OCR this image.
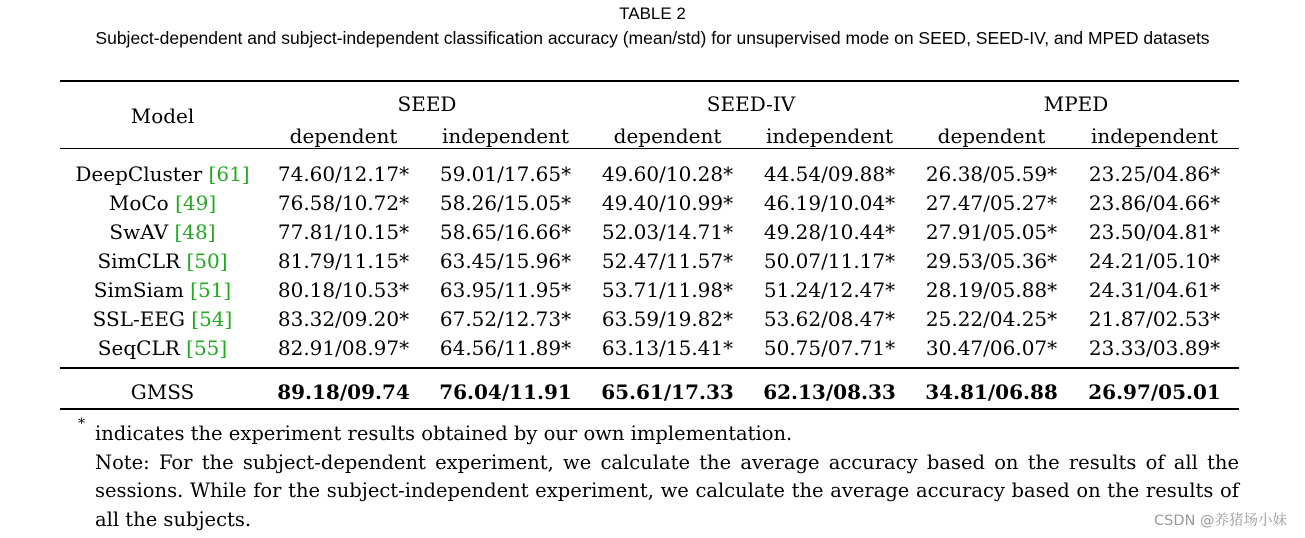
TABLE 2
Subject-dependent and subject-independent classification accuracy (mean/std) for unsupervised mode on SEED, SEED-IV, and MPED datasets
Model	SEED		SEED-IV		MPED	
	dependent	independent	dependent	independent	dependent	independent
DeepCluster [61]	74.60/12.17*	59.01/17.65*	49.60/10.28*	44.54/09.88*	26.38/05.59*	23.25/04.86*
MoCo [49]	76.58/10.72*	58.26/15.05*	49.40/10.99*	46.19/10.04*	27.47/05.27*	23.86/04.66*
SwAV [48]	77.81/10.15*	58.65/16.66*	52.03/14.71*	49.28/10.44*	27.91/05.05*	23.50/04.81*
SimCLR [50]	81.79/11.15*	63.45/15.96*	52.47/11.57*	50.07/11.17*	29.53/05.36*	24.21/05.10*
SimSiam [51]	80.18/10.53*	63.95/11.95*	53.71/11.98*	51.24/12.47*	28.19/05.88*	24.31/04.61*
SSL-EEG [54]	83.32/09.20*	67.52/12.73*	63.59/19.82*	53.62/08.47*	25.22/04.25*	21.87/02.53*
SeqCLR [55]	82.91/08.97*	64.56/11.89*	63.13/15.41*	50.75/07.71*	30.47/06.07*	23.33/03.89*
GMSS	89.18/09.74	76.04/11.91	65.61/17.33	62.13/08.33	34.81/06.88	26.97/05.01
* indicates the experiment results obtained by our own implementation.
Note: For the subject-dependent experiment, we calculate the average accuracy based on the results of all the sessions. While for the subject-independent experiment, we calculate the average accuracy based on the results of all the subjects.	CSDN @养猪场小妹
